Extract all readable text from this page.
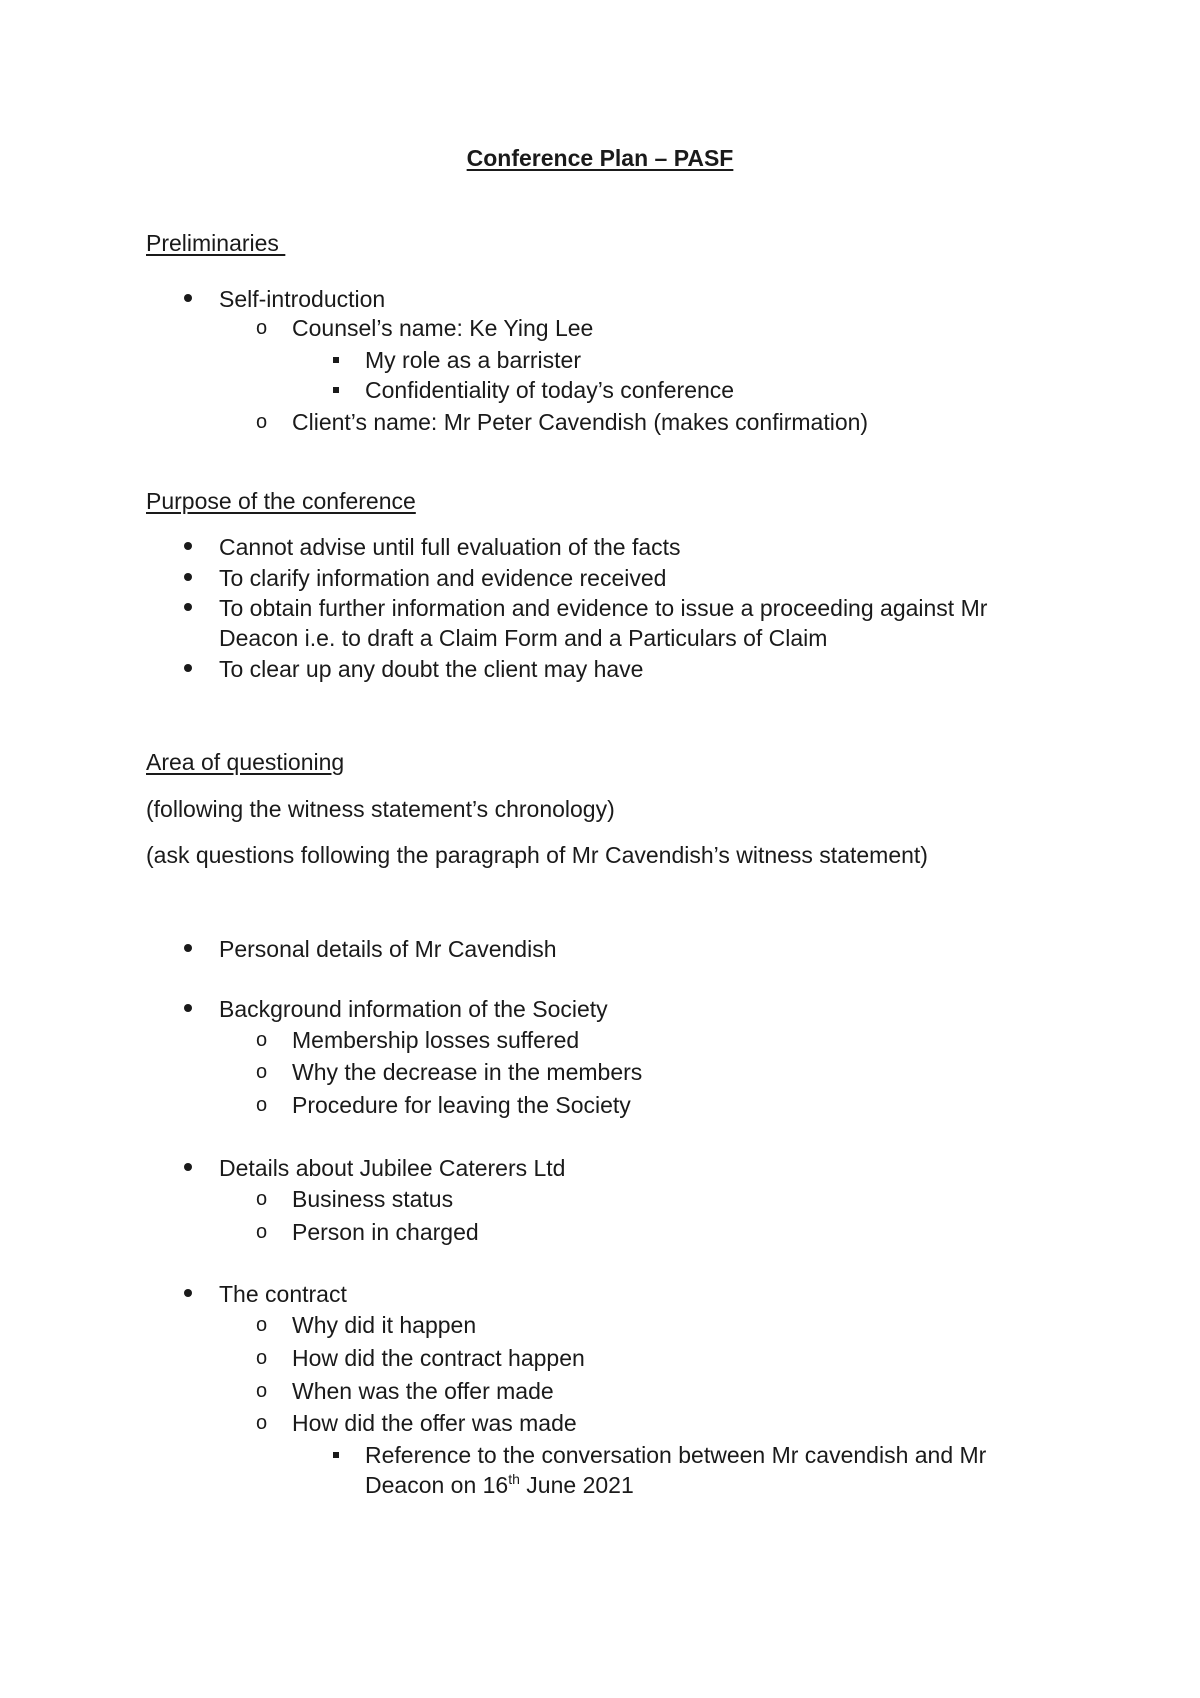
Conference Plan – PASF
Preliminaries
Self-introduction
o Counsel’s name: Ke Ying Lee
My role as a barrister
Confidentiality of today’s conference
o Client’s name: Mr Peter Cavendish (makes confirmation)
Purpose of the conference
Cannot advise until full evaluation of the facts
To clarify information and evidence received
To obtain further information and evidence to issue a proceeding against Mr
Deacon i.e. to draft a Claim Form and a Particulars of Claim
To clear up any doubt the client may have
Area of questioning
(following the witness statement’s chronology)
(ask questions following the paragraph of Mr Cavendish’s witness statement)
Personal details of Mr Cavendish
Background information of the Society
o Membership losses suffered
o Why the decrease in the members
o Procedure for leaving the Society
Details about Jubilee Caterers Ltd
o Business status
o Person in charged
The contract
o Why did it happen
o How did the contract happen
o When was the offer made
o How did the offer was made
Reference to the conversation between Mr cavendish and Mr
Deacon on 16th June 2021
